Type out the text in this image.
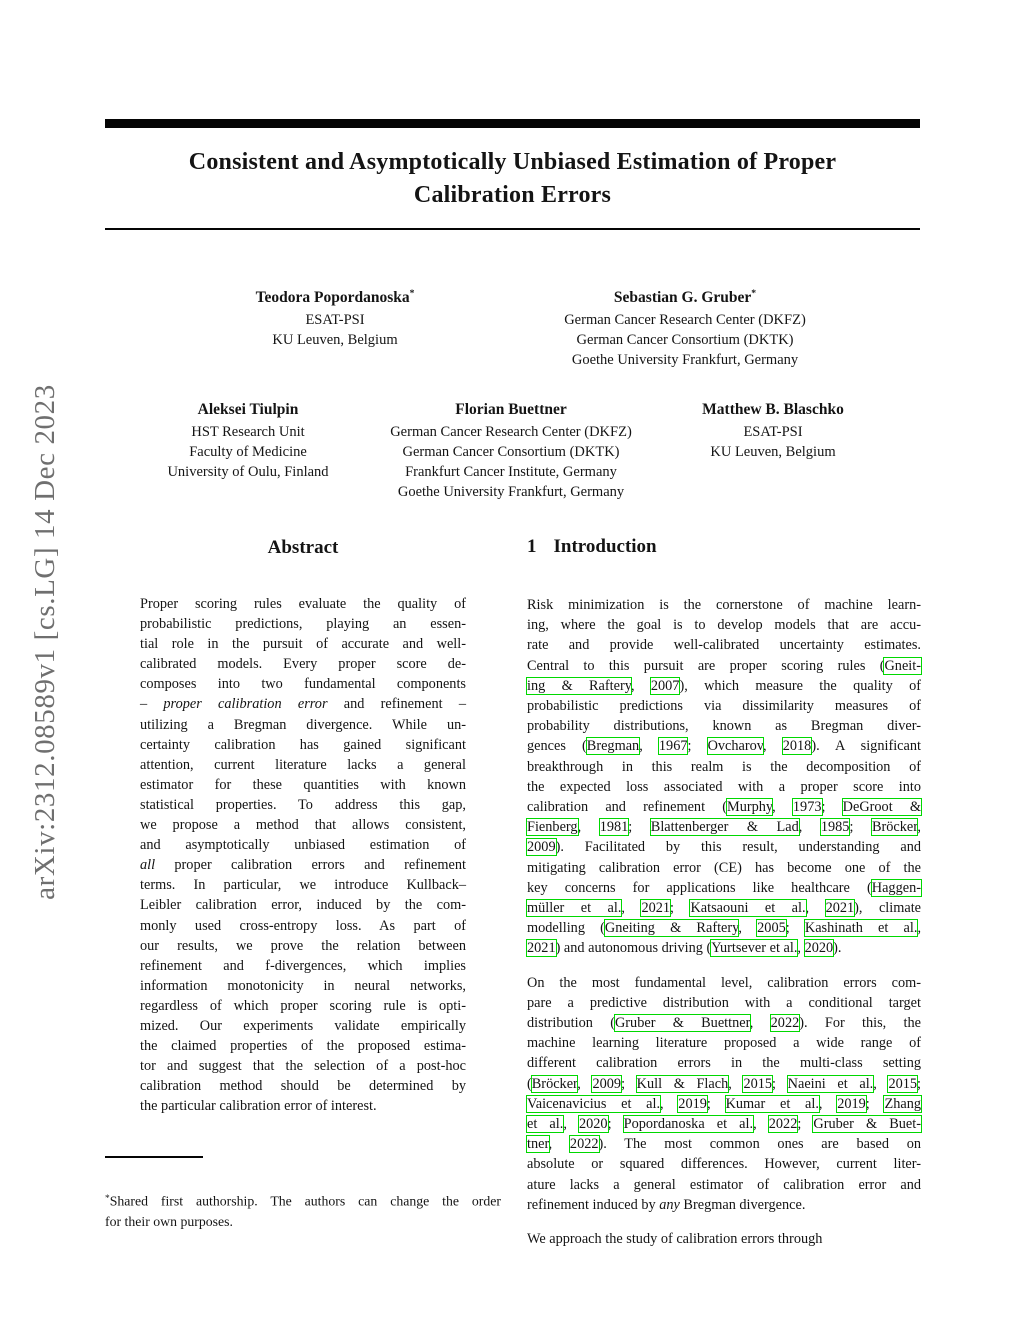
Consistent and Asymptotically Unbiased Estimation of Proper
Calibration Errors
Teodora Popordanoska*
ESAT-PSI
KU Leuven, Belgium
Sebastian G. Gruber*
German Cancer Research Center (DKFZ)
German Cancer Consortium (DKTK)
Goethe University Frankfurt, Germany
Aleksei Tiulpin
HST Research Unit
Faculty of Medicine
University of Oulu, Finland
Florian Buettner
German Cancer Research Center (DKFZ)
German Cancer Consortium (DKTK)
Frankfurt Cancer Institute, Germany
Goethe University Frankfurt, Germany
Matthew B. Blaschko
ESAT-PSI
KU Leuven, Belgium
Abstract
Proper scoring rules evaluate the quality of
probabilistic predictions, playing an essen-
tial role in the pursuit of accurate and well-
calibrated models. Every proper score de-
composes into two fundamental components
– proper calibration error and refinement –
utilizing a Bregman divergence. While un-
certainty calibration has gained significant
attention, current literature lacks a general
estimator for these quantities with known
statistical properties. To address this gap,
we propose a method that allows consistent,
and asymptotically unbiased estimation of
all proper calibration errors and refinement
terms. In particular, we introduce Kullback–
Leibler calibration error, induced by the com-
monly used cross-entropy loss. As part of
our results, we prove the relation between
refinement and f-divergences, which implies
information monotonicity in neural networks,
regardless of which proper scoring rule is opti-
mized. Our experiments validate empirically
the claimed properties of the proposed estima-
tor and suggest that the selection of a post-hoc
calibration method should be determined by
the particular calibration error of interest.
1 Introduction
Risk minimization is the cornerstone of machine learn-
ing, where the goal is to develop models that are accu-
rate and provide well-calibrated uncertainty estimates.
Central to this pursuit are proper scoring rules (Gneit-
ing & Raftery, 2007), which measure the quality of
probabilistic predictions via dissimilarity measures of
probability distributions, known as Bregman diver-
gences (Bregman, 1967; Ovcharov, 2018). A significant
breakthrough in this realm is the decomposition of
the expected loss associated with a proper score into
calibration and refinement (Murphy, 1973; DeGroot &
Fienberg, 1981; Blattenberger & Lad, 1985; Bröcker,
2009). Facilitated by this result, understanding and
mitigating calibration error (CE) has become one of the
key concerns for applications like healthcare (Haggen-
müller et al., 2021; Katsaouni et al., 2021), climate
modelling (Gneiting & Raftery, 2005; Kashinath et al.,
2021) and autonomous driving (Yurtsever et al., 2020).
On the most fundamental level, calibration errors com-
pare a predictive distribution with a conditional target
distribution (Gruber & Buettner, 2022). For this, the
machine learning literature proposed a wide range of
different calibration errors in the multi-class setting
(Bröcker, 2009; Kull & Flach, 2015; Naeini et al., 2015;
Vaicenavicius et al., 2019; Kumar et al., 2019; Zhang
et al., 2020; Popordanoska et al., 2022; Gruber & Buet-
tner, 2022). The most common ones are based on
absolute or squared differences. However, current liter-
ature lacks a general estimator of calibration error and
refinement induced by any Bregman divergence.
We approach the study of calibration errors through
*Shared first authorship. The authors can change the order
for their own purposes.
arXiv:2312.08589v1 [cs.LG] 14 Dec 2023
